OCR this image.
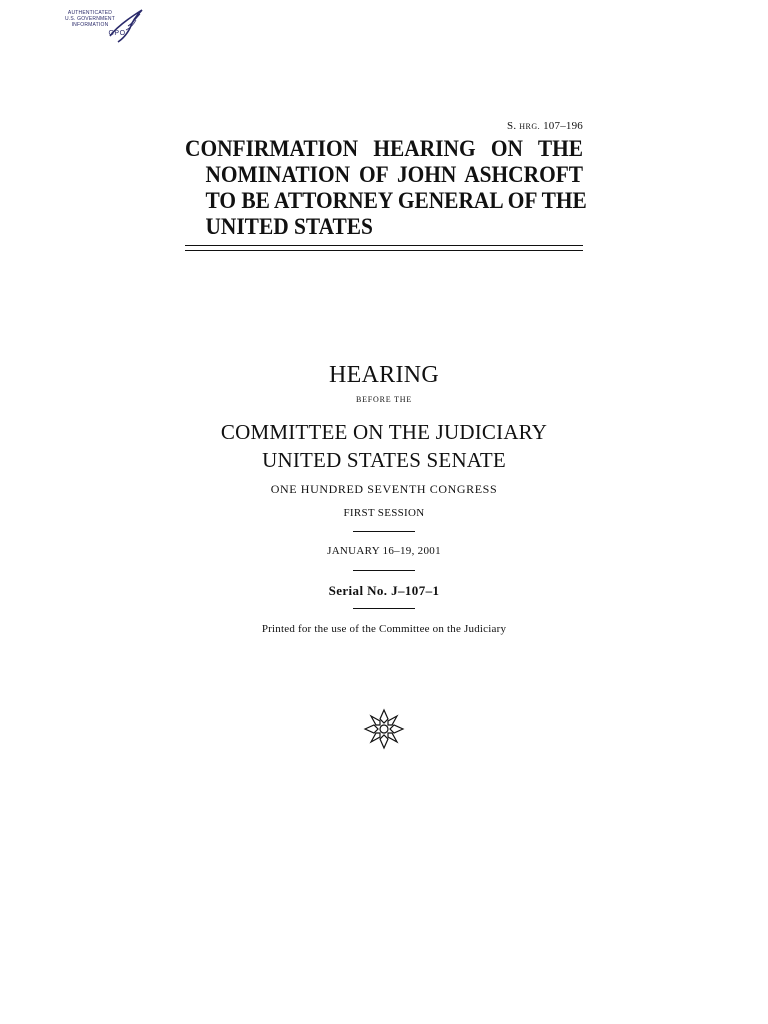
AUTHENTICATED
U.S. GOVERNMENT
INFORMATION
GPO
S. HRG. 107–196
CONFIRMATION HEARING ON THE
NOMINATION OF JOHN ASHCROFT
TO BE ATTORNEY GENERAL OF THE
UNITED STATES
HEARING
BEFORE THE
COMMITTEE ON THE JUDICIARY
UNITED STATES SENATE
ONE HUNDRED SEVENTH CONGRESS
FIRST SESSION
JANUARY 16–19, 2001
Serial No. J–107–1
Printed for the use of the Committee on the Judiciary
